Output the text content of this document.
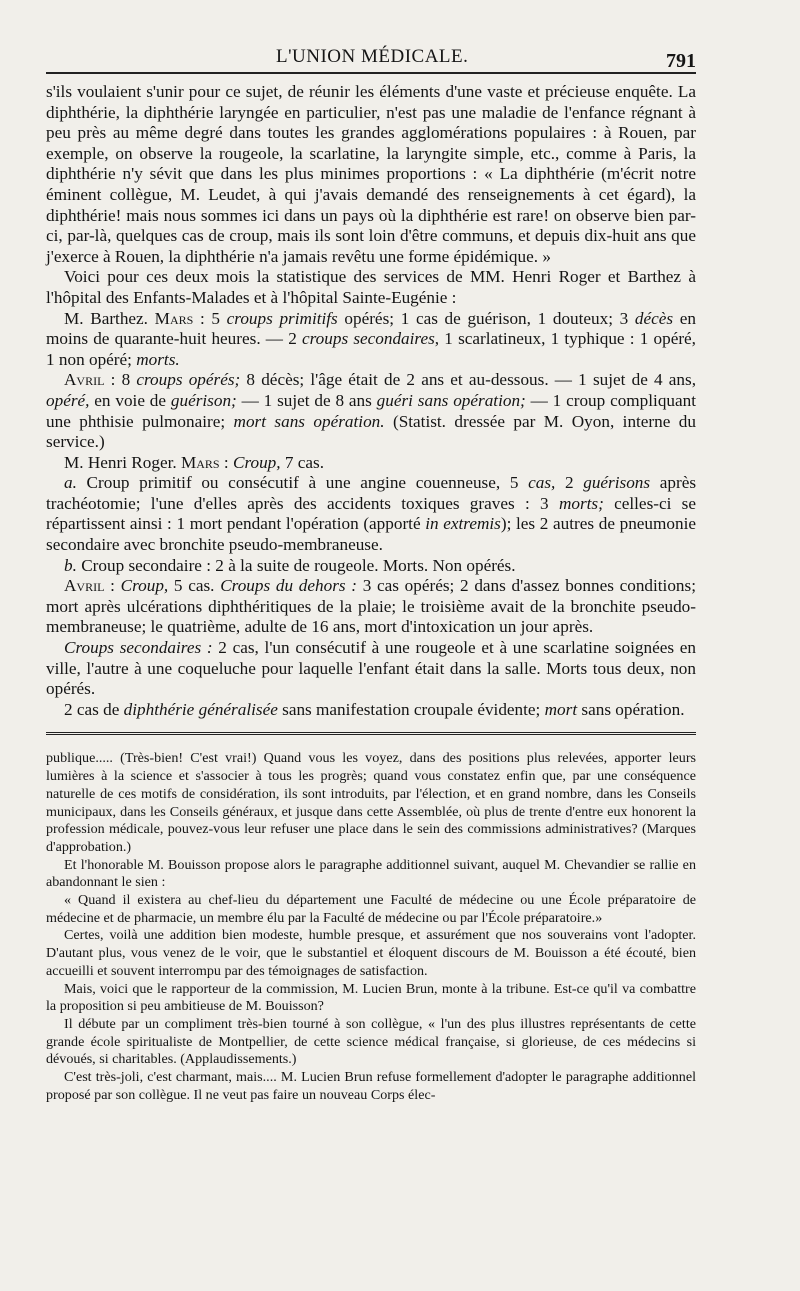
L'UNION MÉDICALE.	791

s'ils voulaient s'unir pour ce sujet, de réunir les éléments d'une vaste et précieuse enquête. La diphthérie, la diphthérie laryngée en particulier, n'est pas une maladie de l'enfance régnant à peu près au même degré dans toutes les grandes agglomérations populaires : à Rouen, par exemple, on observe la rougeole, la scarlatine, la laryngite simple, etc., comme à Paris, la diphthérie n'y sévit que dans les plus minimes proportions : « La diphthérie (m'écrit notre éminent collègue, M. Leudet, à qui j'avais demandé des renseignements à cet égard), la diphthérie! mais nous sommes ici dans un pays où la diphthérie est rare! on observe bien par-ci, par-là, quelques cas de croup, mais ils sont loin d'être communs, et depuis dix-huit ans que j'exerce à Rouen, la diphthérie n'a jamais revêtu une forme épidémique. »

Voici pour ces deux mois la statistique des services de MM. Henri Roger et Barthez à l'hôpital des Enfants-Malades et à l'hôpital Sainte-Eugénie :

M. Barthez. Mars : 5 croups primitifs opérés; 1 cas de guérison, 1 douteux; 3 décès en moins de quarante-huit heures. — 2 croups secondaires, 1 scarlatineux, 1 typhique : 1 opéré, 1 non opéré; morts.

Avril : 8 croups opérés; 8 décès; l'âge était de 2 ans et au-dessous. — 1 sujet de 4 ans, opéré, en voie de guérison; — 1 sujet de 8 ans guéri sans opération; — 1 croup compliquant une phthisie pulmonaire; mort sans opération. (Statist. dressée par M. Oyon, interne du service.)

M. Henri Roger. Mars : Croup, 7 cas.

a. Croup primitif ou consécutif à une angine couenneuse, 5 cas, 2 guérisons après trachéotomie; l'une d'elles après des accidents toxiques graves : 3 morts; celles-ci se répartissent ainsi : 1 mort pendant l'opération (apporté in extremis); les 2 autres de pneumonie secondaire avec bronchite pseudo-membraneuse.

b. Croup secondaire : 2 à la suite de rougeole. Morts. Non opérés.

Avril : Croup, 5 cas. Croups du dehors : 3 cas opérés; 2 dans d'assez bonnes conditions; mort après ulcérations diphthéritiques de la plaie; le troisième avait de la bronchite pseudo-membraneuse; le quatrième, adulte de 16 ans, mort d'intoxication un jour après.

Croups secondaires : 2 cas, l'un consécutif à une rougeole et à une scarlatine soignées en ville, l'autre à une coqueluche pour laquelle l'enfant était dans la salle. Morts tous deux, non opérés.

2 cas de diphthérie généralisée sans manifestation croupale évidente; mort sans opération.

publique..... (Très-bien! C'est vrai!) Quand vous les voyez, dans des positions plus relevées, apporter leurs lumières à la science et s'associer à tous les progrès; quand vous constatez enfin que, par une conséquence naturelle de ces motifs de considération, ils sont introduits, par l'élection, et en grand nombre, dans les Conseils municipaux, dans les Conseils généraux, et jusque dans cette Assemblée, où plus de trente d'entre eux honorent la profession médicale, pouvez-vous leur refuser une place dans le sein des commissions administratives? (Marques d'approbation.)

Et l'honorable M. Bouisson propose alors le paragraphe additionnel suivant, auquel M. Chevandier se rallie en abandonnant le sien :

« Quand il existera au chef-lieu du département une Faculté de médecine ou une École préparatoire de médecine et de pharmacie, un membre élu par la Faculté de médecine ou par l'École préparatoire.»

Certes, voilà une addition bien modeste, humble presque, et assurément que nos souverains vont l'adopter. D'autant plus, vous venez de le voir, que le substantiel et éloquent discours de M. Bouisson a été écouté, bien accueilli et souvent interrompu par des témoignages de satisfaction.

Mais, voici que le rapporteur de la commission, M. Lucien Brun, monte à la tribune. Est-ce qu'il va combattre la proposition si peu ambitieuse de M. Bouisson?

Il débute par un compliment très-bien tourné à son collègue, « l'un des plus illustres représentants de cette grande école spiritualiste de Montpellier, de cette science médical française, si glorieuse, de ces médecins si dévoués, si charitables. (Applaudissements.)

C'est très-joli, c'est charmant, mais.... M. Lucien Brun refuse formellement d'adopter le paragraphe additionnel proposé par son collègue. Il ne veut pas faire un nouveau Corps élec-
